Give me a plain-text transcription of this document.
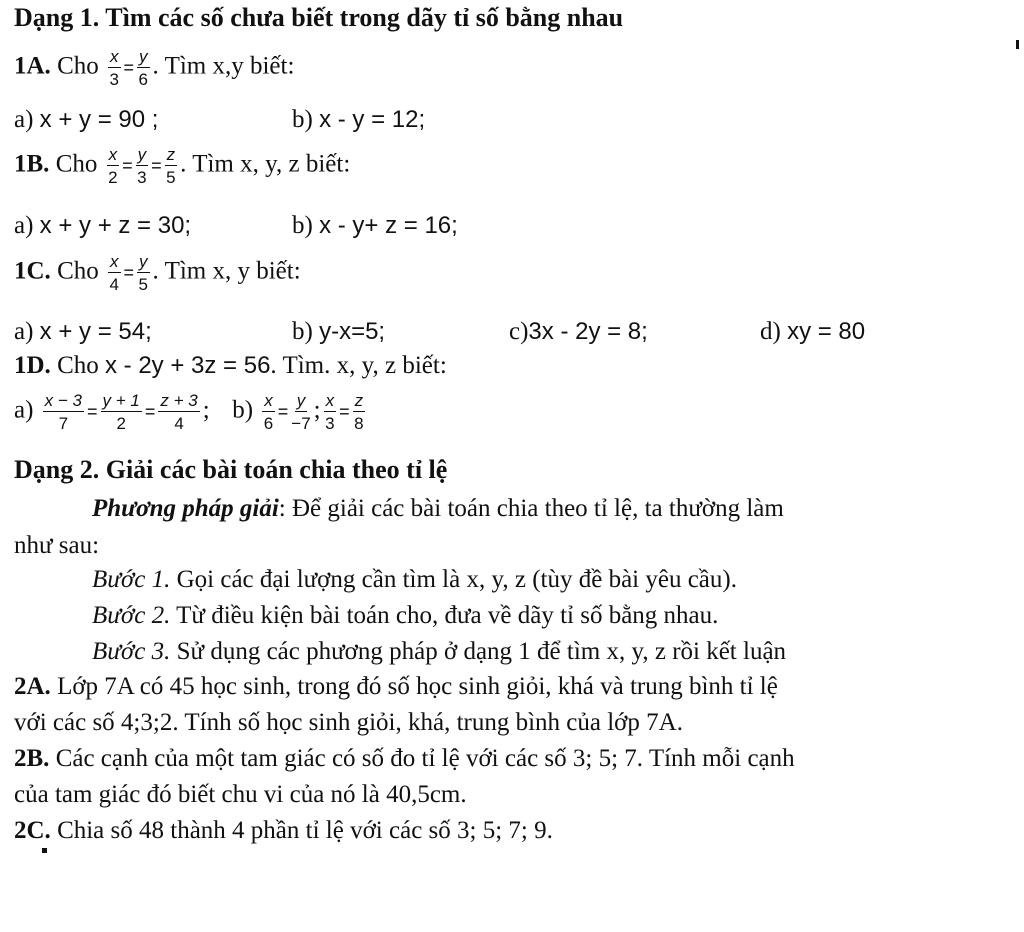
Dạng 1. Tìm các số chưa biết trong dãy tỉ số bằng nhau
1A. Cho $\frac{x}{3} = \frac{y}{6}$ . Tìm x,y biết:
a) x + y = 90 ;	b) x - y = 12;
1B. Cho $\frac{x}{2} = \frac{y}{3} = \frac{z}{5}$ . Tìm x, y, z biết:
a) x + y + z = 30;	b) x - y+ z = 16;
1C. Cho $\frac{x}{4} = \frac{y}{5}$ . Tìm x, y biết:
a) x + y = 54;	b) y-x=5;	c)3x - 2y = 8;	d) xy = 80
1D. Cho x - 2y + 3z = 56. Tìm. x, y, z biết:
$a) \frac{x - 3}{7} = \frac{y + 1}{2} = \frac{z + 3}{4}$ ; $b) \frac{x}{6} = \frac{y}{-7}$ ; $\frac{x}{3} = \frac{z}{8}$
Dạng 2. Giải các bài toán chia theo tỉ lệ
Phương pháp giải: Để giải các bài toán chia theo tỉ lệ, ta thường làm
như sau:
Bước 1. Gọi các đại lượng cần tìm là x, y, z (tùy đề bài yêu cầu).
Bước 2. Từ điều kiện bài toán cho, đưa về dãy tỉ số bằng nhau.
Bước 3. Sử dụng các phương pháp ở dạng 1 để tìm x, y, z rồi kết luận
2A. Lớp 7A có 45 học sinh, trong đó số học sinh giỏi, khá và trung bình tỉ lệ
với các số 4;3;2. Tính số học sinh giỏi, khá, trung bình của lớp 7A.
2B. Các cạnh của một tam giác có số đo tỉ lệ với các số 3; 5; 7. Tính mỗi cạnh
của tam giác đó biết chu vi của nó là 40,5cm.
2C. Chia số 48 thành 4 phần tỉ lệ với các số 3; 5; 7; 9.
